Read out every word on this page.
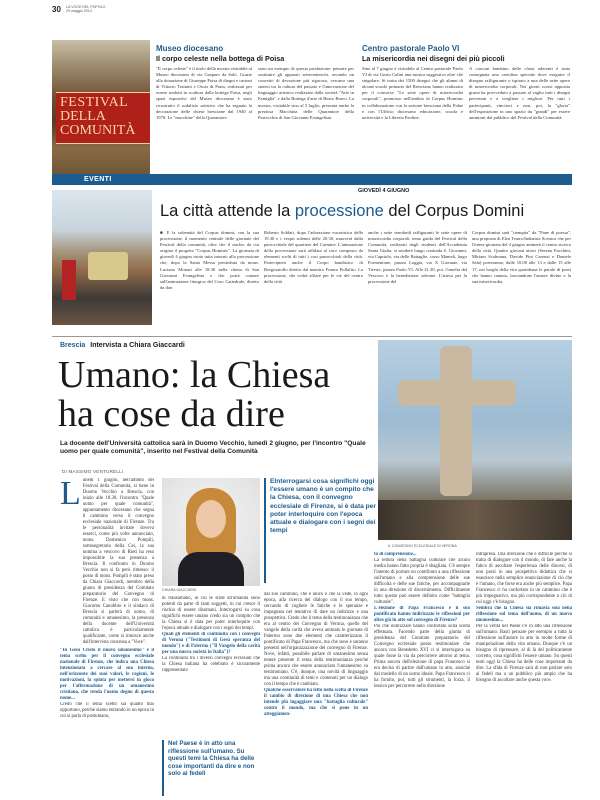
30 LA VOCE DEL POPOLO
29 maggio 2014
FESTIVAL
DELLA
COMUNITÀ
EVENTI
Museo diocesano
Il corpo celeste nella bottega di Poisa
"Il corpo celeste" è il titolo della mostra visitabile al Museo diocesano di via Gasparo da Salò. Grazie alla donazione di Giuseppe Poisa di diegni e cartoni di Vittorio Trainini e Oscar di Prata, realizzati per essere tradotti in scultura dalla bottega Poisa, negli spazi espositivi del Museo diocesano è stato ricostruito il sodalizio artistico che ha segnato la decorazione delle chiese bresciane dal 1940 al 1970. Le "macchine" della Quarantore
sono un esempio di questa produzione: pensate per sostituire gli apparati settecenteschi, secondo un concetto di devozione più rigoroso, cercano una sintesi tra la cultura del passato e l'innovazione del linguaggio artistico realizzato dalla società "Arte in Famiglia" e dalla Bottega d'arte di Beato Bravo. La mostra, visitabile sino al 5 luglio, presenta anche la preziosa Macchina delle Quarantore della Parrocchia di San Giovanni Evangelista.
Centro pastorale Paolo VI
La misericordia nei disegni dei più piccoli
Sino al 7 giugno è visitabile al Centro pastorale Paolo VI di via Gezio Calini una mostra suggestiva oltre che singolare. Si tratta dei 1500 disegni che gli alunni di alcune scuole primarie del Bresciano hanno realizzato per il concorso "Le sette opere di misericordia corporali", promosso nell'ambito di Corpus Hominis in collaborazione con la sezione bresciana della Fidae e con l'Ufficio diocesano educazione, scuola e università e la Libreria Paoline.
A ciascun bambino delle classi aderenti è stata consegnata una cartolina speciale dove eseguire il disegno raffigurante o ispirato a una delle sette opere di misericordia corporali. Nei giorni scorsi apposita giuria ha provveduto a passare al vaglio tutti i disegni pervenuti e a scegliere i migliori. Per tutti i partecipanti, vincitori e non, poi, la "gloria" dell'esposizione in uno spazio da "grandi" per essere ammirati dal pubblico del Festival della Comunità.
GIOVEDÌ 4 GIUGNO
La città attende la processione del Corpus Domini
■ E la solennità del Corpus domini, con la sua processione, il momento centrale delle giornate del Festival della comunità, oltre che il nucleo da cui origina il progetto "Corpus Hominis". La giornata di giovedì 4 giugno ruota tutta intorno alla processione che, dopo la Santa Messa presieduta da mons. Luciano Monari alle 18.30 nella chiesa di San Giovanni Evangelista e che potrà contare sull'animazione liturgica del Coro Cattedrale, diretto da don
Roberto Soldati, dopo l'adorazione eucaristica delle 19.30 e i vespri solenni delle 20.30, muoverà dalla parrocchiale del quartiere del Carmine. L'animazione della processione sarà affidata al coro composto da elementi scelti di tutti i cori parrocchiali della città. Partecipierà anche il Corpo bandistico di Borgosatollo diretto dal maestro Franco Pullafito. La processione, che vedrà sfilare per le vie del centro della città
anche i sette stendardi raffiguranti le sette opere di misericordia corporali, tema guida del Festival della Comunità, realizzati dagli studenti dell'Accademia Santa Giulia, si snoderà lungo contrada S. Giovanni, via Capriolo, via delle Battaglie, corso Mameli, largo Formentone, piazza Loggia, via X Giornate, via Trieste, piazza Paolo VI. Alle 21.30, poi, l'omelia del Vescovo e la benedizione solenne. L'attesa per la processione del
Corpus domini sarà "riempita" da "Pane di poesia", una proposta di Elea Teatro/Industria Scenica che per l'intera giornata del 4 giugno animerà il centro storico della città. Quattro giovani attori (Serena Facchini, Miriam Scalmana, Davide Pini Carenzi e Daniele Sala) porteranno, dalle 10.00 alle 13 e dalle 15 alle 17, nei luoghi della vita quotidiana le parole di poeti che hanno cantato, lasciandone l'amore divino e la sua misericordia.
Brescia Intervista a Chiara Giaccardi
Umano: la Chiesa
ha cose da dire
IL CONVEGNO ECCLESIALE DI VERONA
La docente dell'Università cattolica sarà in Duomo Vecchio, lunedì 2 giugno, per l'incontro "Quale uomo per quale comunità", inserito nel Festival della Comunità
DI MASSIMO VENTURELLI
L unedì 1 giugno, nell'ambito del Festival della Comunità, si tiene in Duomo Vecchio a Brescia, con inizio alle 18.30, l'incontro "Quale uomo per quale comunità", appuntamento diocesano che segna il cammino verso il convegno ecclesiale nazionale di Firenze. Tra le personalità invitate doveva esserci, come più volte annunciato, mons. Domenico Pompili, sottosegretario della Cei, la sua nomina a vescovo di Rieti ha reso impossibile la sua presenza a Brescia. Il confronto in Duomo Vecchio non si fa però rimesso: il posto di mons. Pompili è stato preso da Chiara Giaccardi, membro della giunta di presidenza del Comitato preparatorio del Convegno di Firenze. E visto che con mons. Giacomo Canobbio e il sindaco di Brescia si parlerà di uomo, di comunità e umanesimo, la presenza della docente dell'Università cattolica è particolarmente qualificante, come si intuisce anche dall'intervista concessa a "Voce".
"In Gesù Cristo il nuovo umanesimo" è il tema scelto per il convegno ecclesiale nazionale di Firenze, che indica una Chiesa intenzionata a cercare al suo interno, nell'orizzonte dei suoi valori, le ragioni, le motivazioni, la spinta per mettersi in gioco per l'affermazione di un umanesimo cristiano, che renda l'uomo degno di questo nome...
Credo che il tema scelto sia quanto mai opportuno, perché siamo entrando in un epoca in cui si parla di postumano,
CHIARA GIACCARDI
EInterrogarsi cosa significhi oggi l'essere umano è un compito che la Chiesa, con il convegno ecclesiale di Firenze, si è data per poter interloquire con l'epoca attuale e dialogare con i segni dei tempi
di transumano, in cui le sfide all'umanità sono potenti da parte di tanti soggetti, in cui cresce il rischio di essere disumani. Interrogarsi su cosa significhi essere umano credo sia un compito che la Chiesa si è data per poter interloquire con l'epoca attuale e dialogare con i segni dei tempi.
Quali gli elementi di continuità con i convegni di Verona ("Testimoni di Gesù speranza del mondo") e di Palermo ("Il Vangelo della carità per una nuova società in Italia")?
La continuità tra i diversi convegni ecclesiali che la Chiesa italiana ha celebrato è sicuramente rappresentato
Nel Paese è in atto una riflessione sull'umano. Su questi temi la Chiesa ha delle cose importanti da dire e non solo ai fedeli
dal suo cammino, che è unico e che la vede, in ogni epoca, alla ricerca del dialogo con il suo tempo, cercando di cogliere le fatiche e le speranze e impegnata nel tentativo di dare un indirizzo e una prospettiva. Credo che il tema della testimonianza che era al centro del Convegno di Verona, quello del vangelo della carità che aveva animato le giornate di Palermo sono due elementi che caratterizzano il pontificato di Papa Francesco, ma che sono e saranno presenti nell'organizzazione del convegno di Firenze. Nove, infatti, possibile parlare di umanesimo senza tenere presente il tema della testimonianza perché prima ancora che essere annunciato l'umanesimo va testimoniato. C'è, dunque, una novità di linguaggio ma una continuità di temi e contenuti per un dialogo con il tempo che è cambiato.
Qualche osservatore ha letto nella scelta di Firenze il cambio di direzione di una Chiesa che non intende più ingaggiare una "battaglia culturale" contro il mondo, ma che si pone in un atteggiamen-
to di comprensione...
La lettura della battaglia culturale che alcuni media hanno fatto propria è sbagliata. C'è sempre l'intento di portare un contributo a una riflessione sull'umano e alla comprensione delle sue difficoltà e delle sue fatiche, per accompagnarle in una direzione di discernimento. Difficilmente tutto questo può essere definito come "battaglia culturale".
L'elezione di Papa Francesco e il suo pontificato hanno indirizzato le riflessioni per altro già in atto sul convegno di Firenze?
Più che indirizzare hanno confortato sulla scelta effettuata. Facendo parte della giunta di presidenza del Comitato preparatorio del Convegno ecclesiale posso testimoniare che ancora con Benedetto XVI ci si interrogava su quale fosse la via da percorrere attorno al tema. Prima ancora dell'elezione di papa Francesco si era deciso di partire dall'umano in atto, anziché dal modello di un uomo ideale. Papa Francesco ci ha fornito, poi, tutti gli strumenti, la forza, il lessico per percorrere nella direzione
intrapresa. Una direzione che è difficile perché si tratta di dialogare con il mondo, di fare anche la fatica di ascoltare l'esperienza delle diocesi, di non porsi in una prospettiva didattica che si esaurisce nella semplice enunciazione di ciò che è l'umano, che forse era anche più semplice. Papa Francesco ci ha confortato in un cammino che è più impegnativo, ma più corrispondente a ciò di cui oggi c'è bisogno.
Sembra che la Chiesa sia rimasta sola nella riflessione sul tema dell'uomo, di un nuovo umanesimo...
Per la verità nel Paese c'è in atto una riflessione sull'umano. Basti pensare per esempio a tutta la riflessione sull'autore in atto in molte forme di manipolazione della vita umana. Dunque c'è un bisogno di riprensare, al di là del politicamente corretto, cosa significhi l'essere umano. Su questi temi oggi la Chiesa ha delle cose importanti da dire. La sfida di Firenze sarà di non parlare solo ai fedeli ma a un pubblico più ampio che ha bisogno di ascoltare anche questa voce.
